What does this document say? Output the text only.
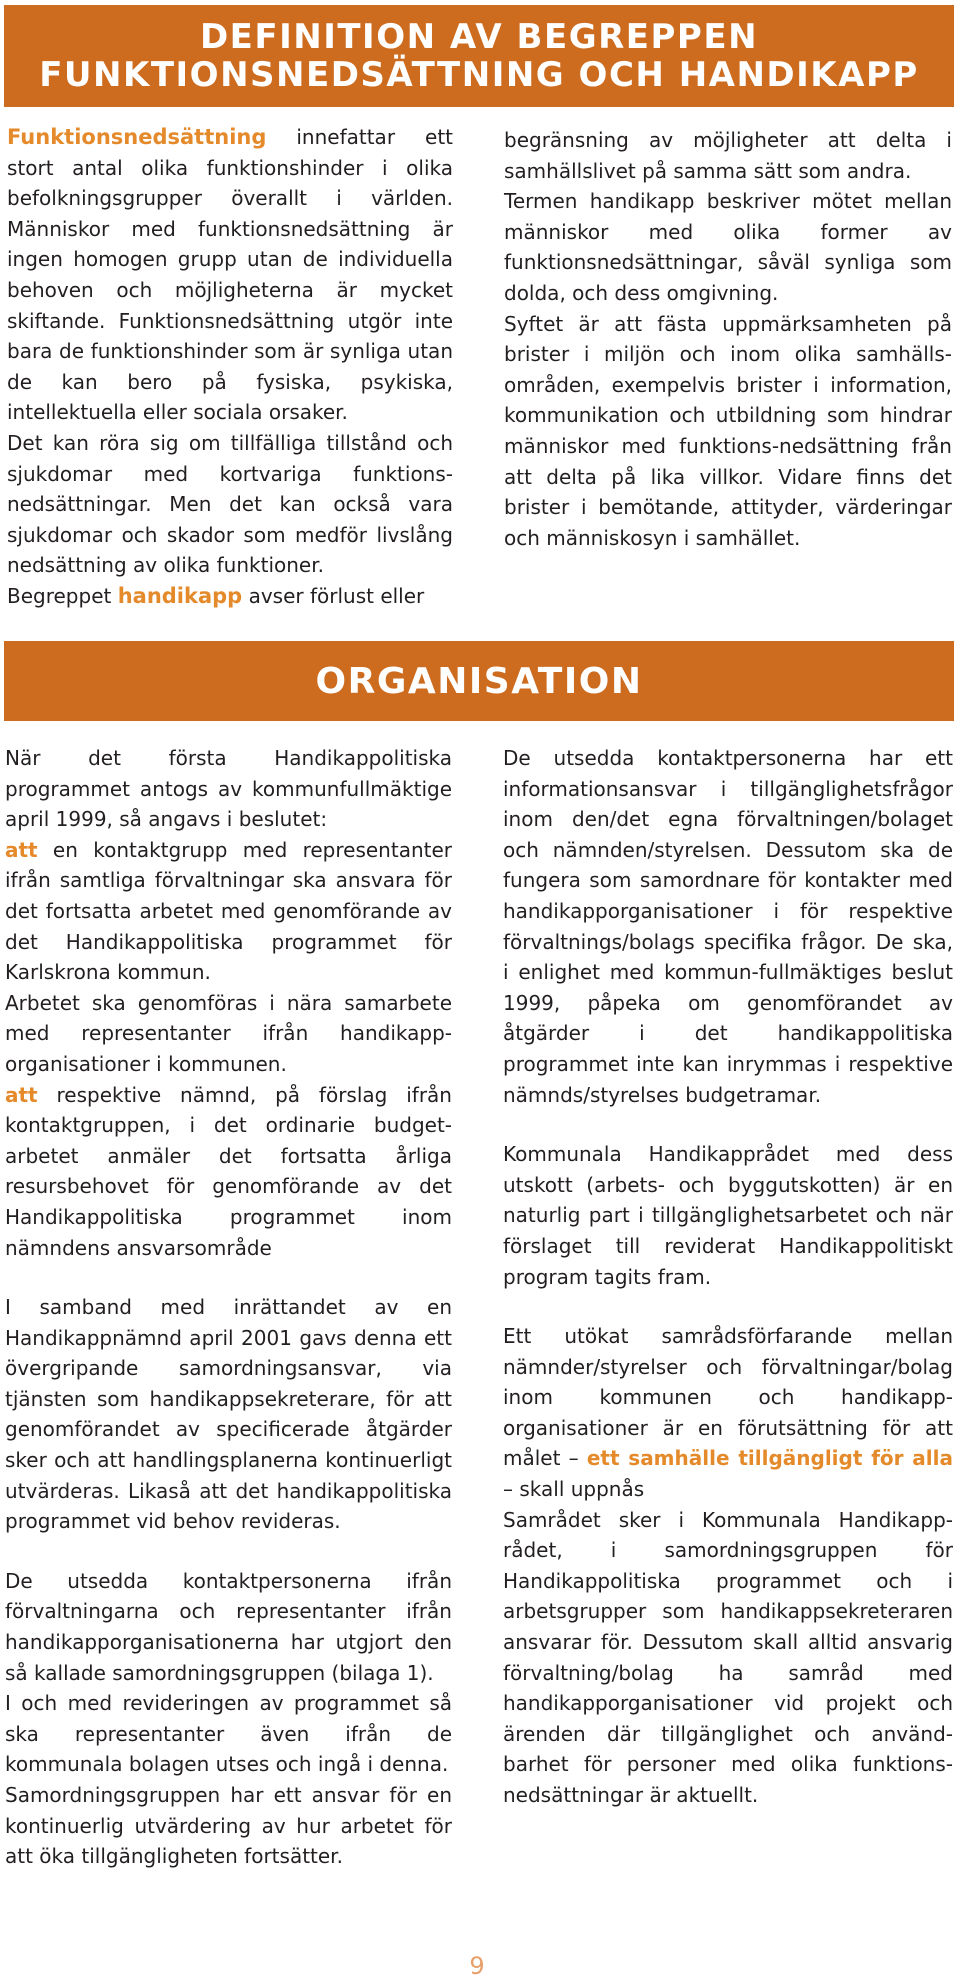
DEFINITION AV BEGREPPEN
FUNKTIONSNEDSÄTTNING OCH HANDIKAPP

Funktionsnedsättning innefattar ett stort antal olika funktionshinder i olika befolkningsgrupper överallt i världen. Människor med funktionsnedsättning är ingen homogen grupp utan de individuella behoven och möjligheterna är mycket skiftande. Funktionsnedsättning utgör inte bara de funktionshinder som är synliga utan de kan bero på fysiska, psykiska, intellektuella eller sociala orsaker.

Det kan röra sig om tillfälliga tillstånd och sjukdomar med kortvariga funktions-nedsättningar. Men det kan också vara sjukdomar och skador som medför livslång nedsättning av olika funktioner.

Begreppet handikapp avser förlust eller

begränsning av möjligheter att delta i samhällslivet på samma sätt som andra.

Termen handikapp beskriver mötet mellan människor med olika former av funktionsnedsättningar, såväl synliga som dolda, och dess omgivning.

Syftet är att fästa uppmärksamheten på brister i miljön och inom olika samhälls-områden, exempelvis brister i information, kommunikation och utbildning som hindrar människor med funktions-nedsättning från att delta på lika villkor. Vidare finns det brister i bemötande, attityder, värderingar och människosyn i samhället.

ORGANISATION

När det första Handikappolitiska programmet antogs av kommunfullmäktige april 1999, så angavs i beslutet:

att en kontaktgrupp med representanter ifrån samtliga förvaltningar ska ansvara för det fortsatta arbetet med genomförande av det Handikappolitiska programmet för Karlskrona kommun.

Arbetet ska genomföras i nära samarbete med representanter ifrån handikapp-organisationer i kommunen.

att respektive nämnd, på förslag ifrån kontaktgruppen, i det ordinarie budget-arbetet anmäler det fortsatta årliga resursbehovet för genomförande av det Handikappolitiska programmet inom nämndens ansvarsområde

I samband med inrättandet av en Handikappnämnd april 2001 gavs denna ett övergripande samordningsansvar, via tjänsten som handikappsekreterare, för att genomförandet av specificerade åtgärder sker och att handlingsplanerna kontinuerligt utvärderas. Likaså att det handikappolitiska programmet vid behov revideras.

De utsedda kontaktpersonerna ifrån förvaltningarna och representanter ifrån handikapporganisationerna har utgjort den så kallade samordningsgruppen (bilaga 1).

I och med revideringen av programmet så ska representanter även ifrån de kommunala bolagen utses och ingå i denna.

Samordningsgruppen har ett ansvar för en kontinuerlig utvärdering av hur arbetet för att öka tillgängligheten fortsätter.

De utsedda kontaktpersonerna har ett informationsansvar i tillgänglighetsfrågor inom den/det egna förvaltningen/bolaget och nämnden/styrelsen. Dessutom ska de fungera som samordnare för kontakter med handikapporganisationer i för respektive förvaltnings/bolags specifika frågor. De ska, i enlighet med kommun-fullmäktiges beslut 1999, påpeka om genomförandet av åtgärder i det handikappolitiska programmet inte kan inrymmas i respektive nämnds/styrelses budgetramar.

Kommunala Handikapprådet med dess utskott (arbets- och byggutskotten) är en naturlig part i tillgänglighetsarbetet och när förslaget till reviderat Handikappolitiskt program tagits fram.

Ett utökat samrådsförfarande mellan nämnder/styrelser och förvaltningar/bolag inom kommunen och handikapp-organisationer är en förutsättning för att målet – ett samhälle tillgängligt för alla – skall uppnås

Samrådet sker i Kommunala Handikapp-rådet, i samordningsgruppen för Handikappolitiska programmet och i arbetsgrupper som handikappsekreteraren ansvarar för. Dessutom skall alltid ansvarig förvaltning/bolag ha samråd med handikapporganisationer vid projekt och ärenden där tillgänglighet och använd-barhet för personer med olika funktions-nedsättningar är aktuellt.

9
